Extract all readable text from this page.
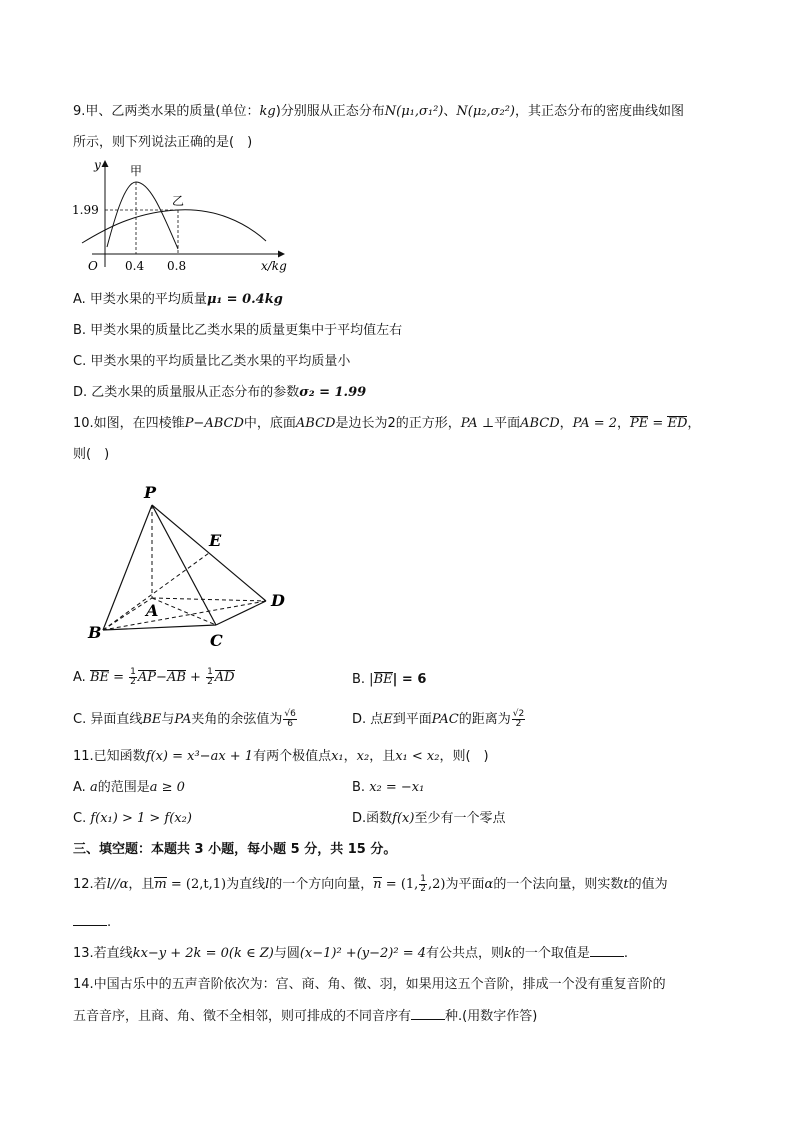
9.甲、乙两类水果的质量(单位：kg)分别服从正态分布N(μ₁,σ₁²)、N(μ₂,σ₂²)，其正态分布的密度曲线如图
所示，则下列说法正确的是(　)
y
O	x/kg
甲
乙
1.99
0.4 0.8
A. 甲类水果的平均质量μ₁ = 0.4kg
B. 甲类水果的质量比乙类水果的质量更集中于平均值左右
C. 甲类水果的平均质量比乙类水果的平均质量小
D. 乙类水果的质量服从正态分布的参数σ₂ = 1.99
10.如图，在四棱锥P−ABCD中，底面ABCD是边长为2的正方形，PA ⊥平面ABCD，PA = 2，PE = ED，
则(　)
P
E
A
D
B	C
A. BE = $\frac{1}{2} AP-AB + \frac{1}{2}$ AD	B. |BE| = 6
C. 异面直线BE与PA夹角的余弦值为 $\frac{√6}{6}$	D. 点E到平面PAC的距离为 $\frac{√2}{2}$
11.已知函数f(x) = x³−ax + 1有两个极值点x₁，x₂，且x₁ < x₂，则(　)
A. a的范围是a ≥ 0	B. x₂ = −x₁
C. f(x₁) > 1 > f(x₂)	D.函数f(x)至少有一个零点
三、填空题：本题共 3 小题，每小题 5 分，共 15 分。
12.若l//α，且m = (2,t,1)为直线l的一个方向向量，n = (1, $\frac{1}{2} ,2$)为平面α的一个法向量，则实数t的值为
.
13.若直线kx−y + 2k = 0(k ∈ Z)与圆(x−1)² +(y−2)² = 4有公共点，则k的一个取值是	.
14.中国古乐中的五声音阶依次为：宫、商、角、徵、羽，如果用这五个音阶，排成一个没有重复音阶的
五音音序，且商、角、徵不全相邻，则可排成的不同音序有	种.(用数字作答)
